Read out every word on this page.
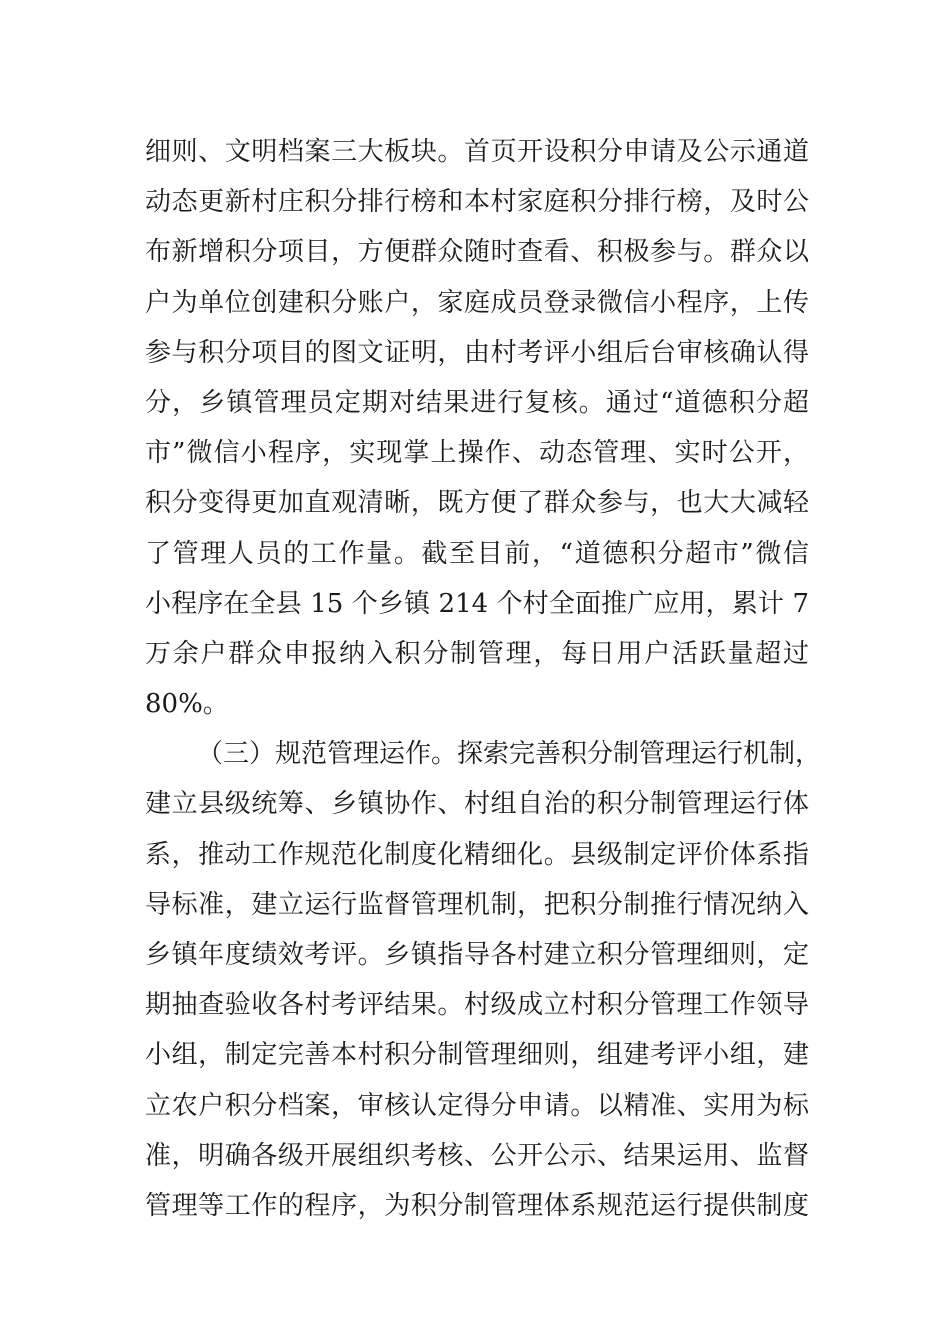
细则、文明档案三大板块。首页开设积分申请及公示通道
动态更新村庄积分排行榜和本村家庭积分排行榜，及时公
布新增积分项目，方便群众随时查看、积极参与。群众以
户为单位创建积分账户，家庭成员登录微信小程序，上传
参与积分项目的图文证明，由村考评小组后台审核确认得
分，乡镇管理员定期对结果进行复核。通过“道德积分超
市”微信小程序，实现掌上操作、动态管理、实时公开，
积分变得更加直观清晰，既方便了群众参与，也大大减轻
了管理人员的工作量。截至目前，“道德积分超市”微信
小程序在全县 15 个乡镇 214 个村全面推广应用，累计 7
万余户群众申报纳入积分制管理，每日用户活跃量超过
80%。
（三）规范管理运作。探索完善积分制管理运行机制，
建立县级统筹、乡镇协作、村组自治的积分制管理运行体
系，推动工作规范化制度化精细化。县级制定评价体系指
导标准，建立运行监督管理机制，把积分制推行情况纳入
乡镇年度绩效考评。乡镇指导各村建立积分管理细则，定
期抽查验收各村考评结果。村级成立村积分管理工作领导
小组，制定完善本村积分制管理细则，组建考评小组，建
立农户积分档案，审核认定得分申请。以精准、实用为标
准，明确各级开展组织考核、公开公示、结果运用、监督
管理等工作的程序，为积分制管理体系规范运行提供制度
